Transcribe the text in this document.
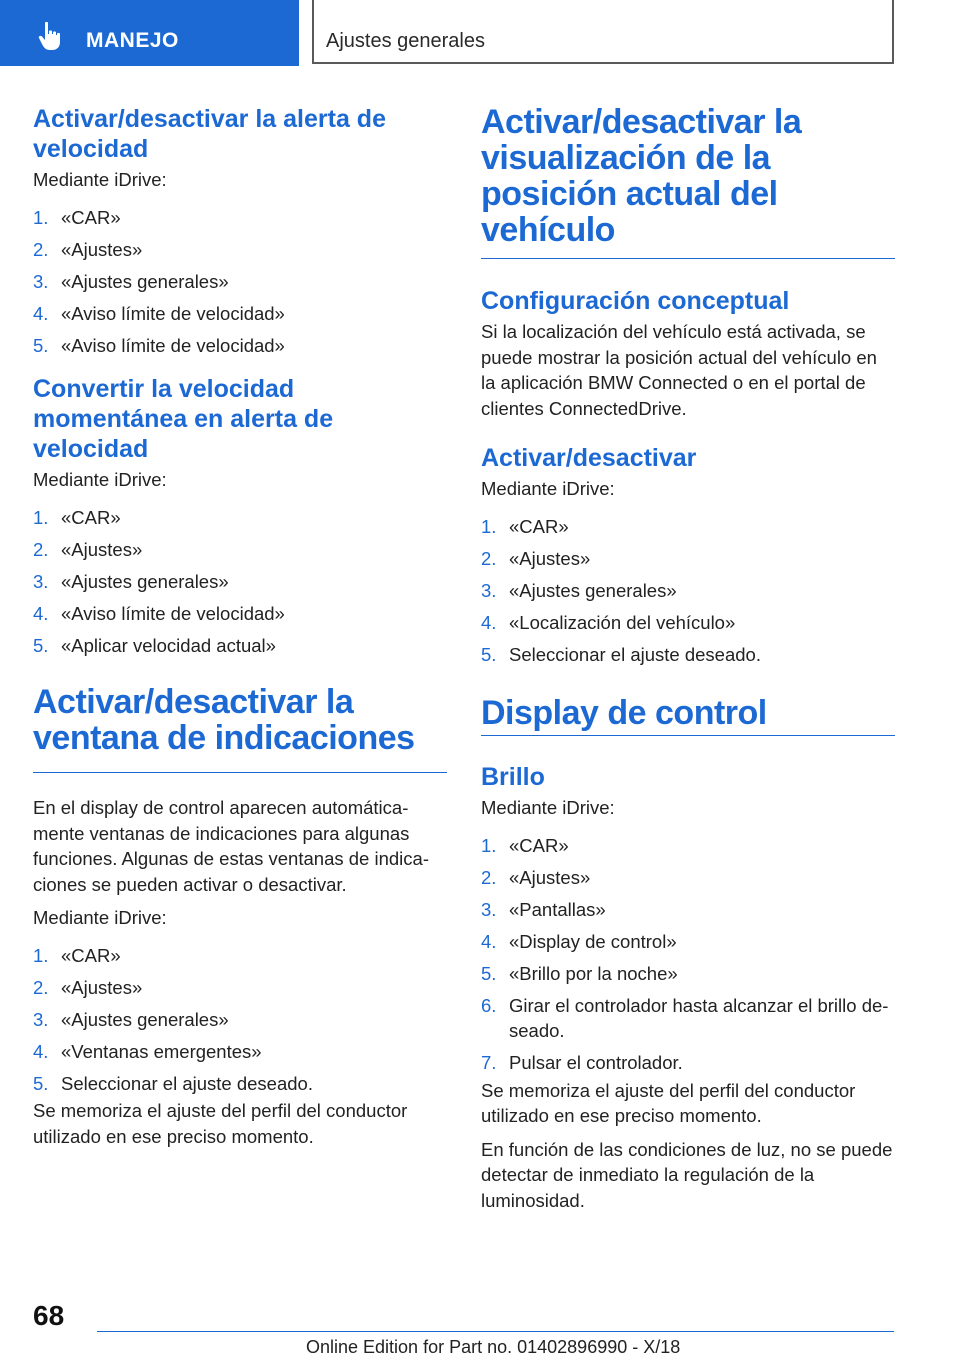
MANEJO	Ajustes generales
Activar/desactivar la alerta de velocidad

Mediante iDrive:

1. «CAR»
2. «Ajustes»
3. «Ajustes generales»
4. «Aviso límite de velocidad»
5. «Aviso límite de velocidad»
Convertir la velocidad momentánea en alerta de velocidad

Mediante iDrive:

1. «CAR»
2. «Ajustes»
3. «Ajustes generales»
4. «Aviso límite de velocidad»
5. «Aplicar velocidad actual»
Activar/desactivar la ventana de indicaciones

En el display de control aparecen automáticamente ventanas de indicaciones para algunas funciones. Algunas de estas ventanas de indicaciones se pueden activar o desactivar.

Mediante iDrive:

1. «CAR»
2. «Ajustes»
3. «Ajustes generales»
4. «Ventanas emergentes»
5. Seleccionar el ajuste deseado.

Se memoriza el ajuste del perfil del conductor utilizado en ese preciso momento.

Activar/desactivar la visualización de la posición actual del vehículo
Configuración conceptual

Si la localización del vehículo está activada, se puede mostrar la posición actual del vehículo en la aplicación BMW Connected o en el portal de clientes ConnectedDrive.

Activar/desactivar

Mediante iDrive:

1. «CAR»
2. «Ajustes»
3. «Ajustes generales»
4. «Localización del vehículo»
5. Seleccionar el ajuste deseado.
Display de control
Brillo

Mediante iDrive:

1. «CAR»
2. «Ajustes»
3. «Pantallas»
4. «Display de control»
5. «Brillo por la noche»
6. Girar el controlador hasta alcanzar el brillo deseado.
7. Pulsar el controlador.

Se memoriza el ajuste del perfil del conductor utilizado en ese preciso momento.

En función de las condiciones de luz, no se puede detectar de inmediato la regulación de la luminosidad.

68
Online Edition for Part no. 01402896990 - X/18
